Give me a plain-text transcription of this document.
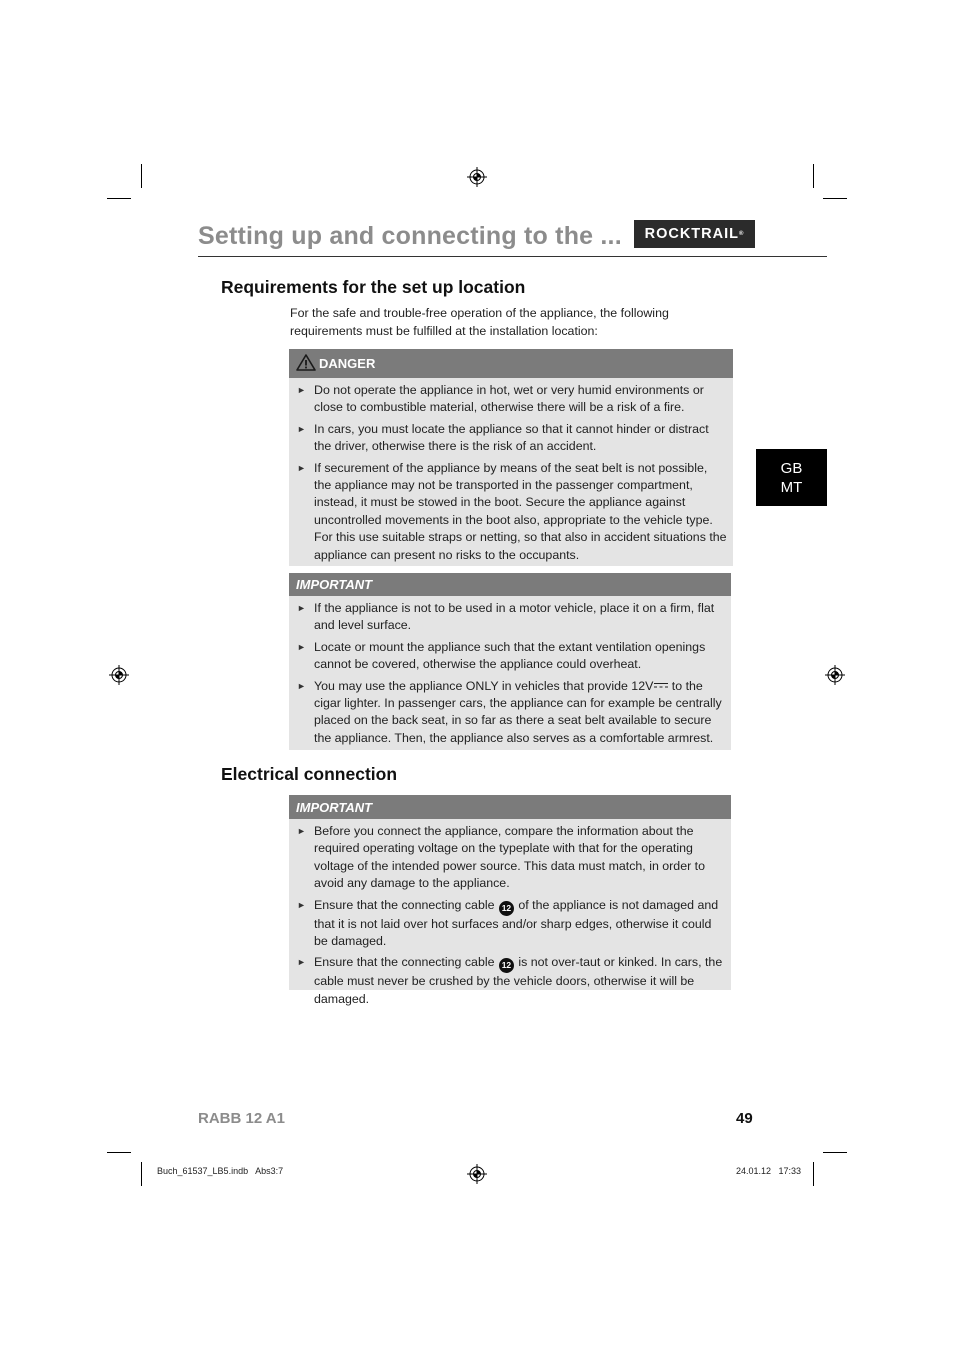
Setting up and connecting to the ...	ROCKTRAIL®
GB
MT
Requirements for the set up location
For the safe and trouble-free operation of the appliance, the following requirements must be fulfilled at the installation location:
DANGER
► Do not operate the appliance in hot, wet or very humid environments or close to combustible material, otherwise there will be a risk of a fire.
► In cars, you must locate the appliance so that it cannot hinder or distract the driver, otherwise there is the risk of an accident.
► If securement of the appliance by means of the seat belt is not possible, the appliance may not be transported in the passenger compartment, instead, it must be stowed in the boot. Secure the appliance against uncontrolled movements in the boot also, appropriate to the vehicle type. For this use suitable straps or netting, so that also in accident situations the appliance can present no risks to the occupants.
IMPORTANT
► If the appliance is not to be used in a motor vehicle, place it on a firm, flat and level surface.
► Locate or mount the appliance such that the extant ventilation openings cannot be covered, otherwise the appliance could overheat.
► You may use the appliance ONLY in vehicles that provide 12V to the cigar lighter. In passenger cars, the appliance can for example be centrally placed on the back seat, in so far as there a seat belt available to secure the appliance. Then, the appliance also serves as a comfortable armrest.
Electrical connection
IMPORTANT
► Before you connect the appliance, compare the information about the required operating voltage on the typeplate with that for the operating voltage of the intended power source. This data must match, in order to avoid any damage to the appliance.
► Ensure that the connecting cable 12 of the appliance is not damaged and that it is not laid over hot surfaces and/or sharp edges, otherwise it could be damaged.
► Ensure that the connecting cable 12 is not over-taut or kinked. In cars, the cable must never be crushed by the vehicle doors, otherwise it will be damaged.
RABB 12 A1	49
Buch_61537_LB5.indb   Abs3:7	24.01.12   17:33
